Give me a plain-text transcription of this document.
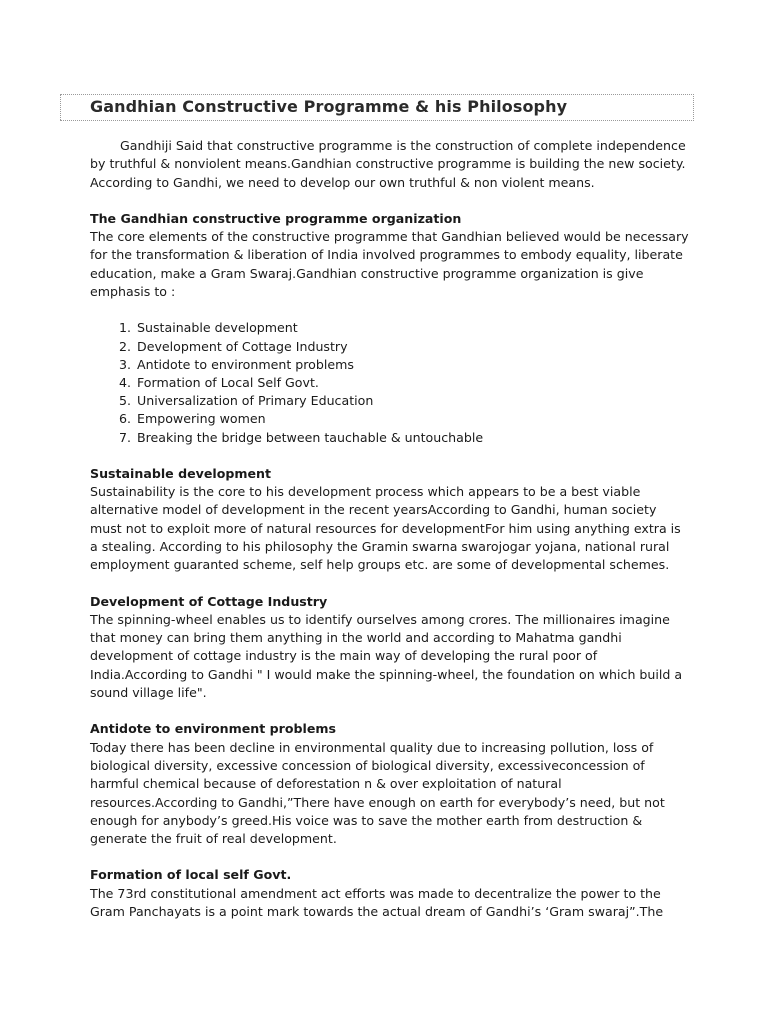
Gandhian Constructive Programme & his Philosophy

Gandhiji Said that constructive programme is the construction of complete independence by truthful & nonviolent means.Gandhian constructive programme is building the new society. According to Gandhi, we need to develop our own truthful & non violent means.

The Gandhian constructive programme organization

The core elements of the constructive programme that Gandhian believed would be necessary for the transformation & liberation of India involved programmes to embody equality, liberate education, make a Gram Swaraj.Gandhian constructive programme organization is give emphasis to :

1. Sustainable development
2. Development of Cottage Industry
3. Antidote to environment problems
4. Formation of Local Self Govt.
5. Universalization of Primary Education
6. Empowering women
7. Breaking the bridge between tauchable & untouchable
Sustainable development

Sustainability is the core to his development process which appears to be a best viable alternative model of development in the recent yearsAccording to Gandhi, human society must not to exploit more of natural resources for developmentFor him using anything extra is a stealing. According to his philosophy the Gramin swarna swarojogar yojana, national rural employment guaranted scheme, self help groups etc. are some of developmental schemes.

Development of Cottage Industry

The spinning-wheel enables us to identify ourselves among crores. The millionaires imagine that money can bring them anything in the world and according to Mahatma gandhi development of cottage industry is the main way of developing the rural poor of India.According to Gandhi " I would make the spinning-wheel, the foundation on which build a sound village life".

Antidote to environment problems

Today there has been decline in environmental quality due to increasing pollution, loss of biological diversity, excessive concession of biological diversity, excessiveconcession of harmful chemical because of deforestation n & over exploitation of natural
resources.According to Gandhi,”There have enough on earth for everybody’s need, but not enough for anybody’s greed.His voice was to save the mother earth from destruction & generate the fruit of real development.

Formation of local self Govt.

The 73rd constitutional amendment act efforts was made to decentralize the power to the Gram Panchayats is a point mark towards the actual dream of Gandhi’s ‘Gram swaraj”.The
